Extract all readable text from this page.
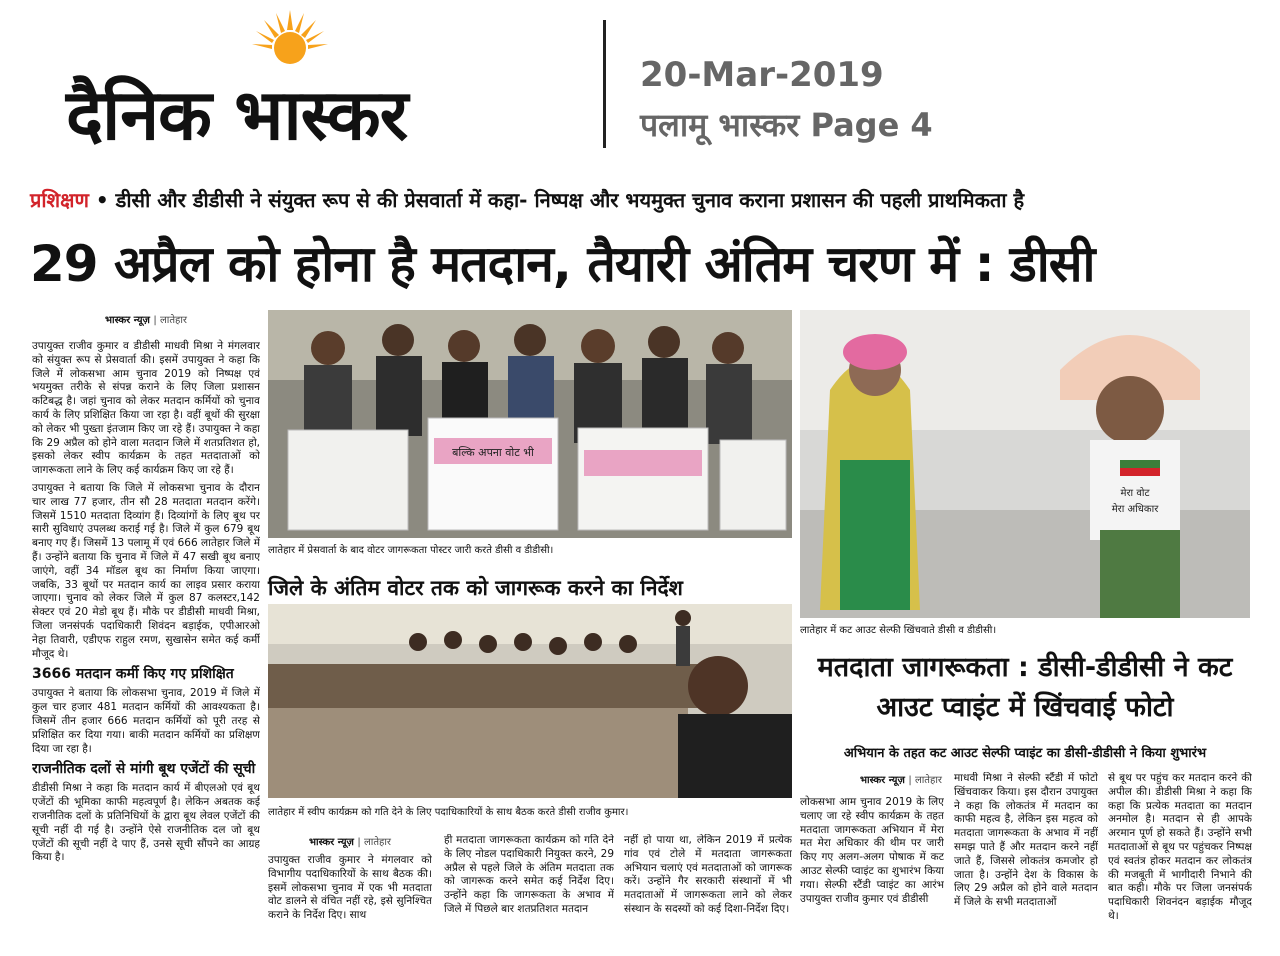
दैनिक भास्कर	20-Mar-2019
पलामू भास्कर Page 4
प्रशिक्षण • डीसी और डीडीसी ने संयुक्त रूप से की प्रेसवार्ता में कहा- निष्पक्ष और भयमुक्त चुनाव कराना प्रशासन की पहली प्राथमिकता है
29 अप्रैल को होना है मतदान, तैयारी अंतिम चरण में : डीसी
भास्कर न्यूज़ | लातेहार

उपायुक्त राजीव कुमार व डीडीसी माधवी मिश्रा ने मंगलवार को संयुक्त रूप से प्रेसवार्ता की। इसमें उपायुक्त ने कहा कि जिले में लोकसभा आम चुनाव 2019 को निष्पक्ष एवं भयमुक्त तरीके से संपन्न कराने के लिए जिला प्रशासन कटिबद्ध है। जहां चुनाव को लेकर मतदान कर्मियों को चुनाव कार्य के लिए प्रशिक्षित किया जा रहा है। वहीं बूथों की सुरक्षा को लेकर भी पुख्ता इंतजाम किए जा रहे हैं। उपायुक्त ने कहा कि 29 अप्रैल को होने वाला मतदान जिले में शतप्रतिशत हो, इसको लेकर स्वीप कार्यक्रम के तहत मतदाताओं को जागरूकता लाने के लिए कई कार्यक्रम किए जा रहे हैं।

उपायुक्त ने बताया कि जिले में लोकसभा चुनाव के दौरान चार लाख 77 हजार, तीन सौ 28 मतदाता मतदान करेंगे। जिसमें 1510 मतदाता दिव्यांग हैं। दिव्यांगों के लिए बूथ पर सारी सुविधाएं उपलब्ध कराई गई है। जिले में कुल 679 बूथ बनाए गए हैं। जिसमें 13 पलामू में एवं 666 लातेहार जिले में हैं। उन्होंने बताया कि चुनाव में जिले में 47 सखी बूथ बनाए जाएंगे, वहीं 34 मॉडल बूथ का निर्माण किया जाएगा। जबकि, 33 बूथों पर मतदान कार्य का लाइव प्रसार कराया जाएगा। चुनाव को लेकर जिले में कुल 87 कलस्टर,142 सेक्टर एवं 20 मेडो बूथ हैं। मौके पर डीडीसी माधवी मिश्रा, जिला जनसंपर्क पदाधिकारी शिवंदन बड़ाईक, एपीआरओ नेहा तिवारी, एडीएफ राहुल रमण, सुखासेन समेत कई कर्मी मौजूद थे।

3666 मतदान कर्मी किए गए प्रशिक्षित

उपायुक्त ने बताया कि लोकसभा चुनाव, 2019 में जिले में कुल चार हजार 481 मतदान कर्मियों की आवश्यकता है। जिसमें तीन हजार 666 मतदान कर्मियों को पूरी तरह से प्रशिक्षित कर दिया गया। बाकी मतदान कर्मियों का प्रशिक्षण दिया जा रहा है।

राजनीतिक दलों से मांगी बूथ एजेंटों की सूची

डीडीसी मिश्रा ने कहा कि मतदान कार्य में बीएलओ एवं बूथ एजेंटों की भूमिका काफी महत्वपूर्ण है। लेकिन अबतक कई राजनीतिक दलों के प्रतिनिधियों के द्वारा बूथ लेवल एजेंटों की सूची नहीं दी गई है। उन्होंने ऐसे राजनीतिक दल जो बूथ एजेंटों की सूची नहीं दे पाए हैं, उनसे सूची सौंपने का आग्रह किया है।

बल्कि अपना वोट भी
लातेहार में प्रेसवार्ता के बाद वोटर जागरूकता पोस्टर जारी करते डीसी व डीडीसी।
मेरा वोट
मेरा अधिकार
लातेहार में कट आउट सेल्फी खिंचवाते डीसी व डीडीसी।
जिले के अंतिम वोटर तक को जागरूक करने का निर्देश
लातेहार में स्वीप कार्यक्रम को गति देने के लिए पदाधिकारियों के साथ बैठक करते डीसी राजीव कुमार।
भास्कर न्यूज़ | लातेहार

उपायुक्त राजीव कुमार ने मंगलवार को विभागीय पदाधिकारियों के साथ बैठक की। इसमें लोकसभा चुनाव में एक भी मतदाता वोट डालने से वंचित नहीं रहे, इसे सुनिश्चित कराने के निर्देश दिए। साथ

ही मतदाता जागरूकता कार्यक्रम को गति देने के लिए नोडल पदाधिकारी नियुक्त करने, 29 अप्रैल से पहले जिले के अंतिम मतदाता तक को जागरूक करने समेत कई निर्देश दिए। उन्होंने कहा कि जागरूकता के अभाव में जिले में पिछले बार शतप्रतिशत मतदान

नहीं हो पाया था, लेकिन 2019 में प्रत्येक गांव एवं टोले में मतदाता जागरूकता अभियान चलाएं एवं मतदाताओं को जागरूक करें। उन्होंने गैर सरकारी संस्थानों में भी मतदाताओं में जागरूकता लाने को लेकर संस्थान के सदस्यों को कई दिशा-निर्देश दिए।

मतदाता जागरूकता : डीसी-डीडीसी ने कट आउट प्वाइंट में खिंचवाई फोटो
अभियान के तहत कट आउट सेल्फी प्वाइंट का डीसी-डीडीसी ने किया शुभारंभ
भास्कर न्यूज़ | लातेहार

लोकसभा आम चुनाव 2019 के लिए चलाए जा रहे स्वीप कार्यक्रम के तहत मतदाता जागरूकता अभियान में मेरा मत मेरा अधिकार की थीम पर जारी किए गए अलग-अलग पोषाक में कट आउट सेल्फी प्वाइंट का शुभारंभ किया गया। सेल्फी स्टैंडी प्वाइंट का आरंभ उपायुक्त राजीव कुमार एवं डीडीसी

माधवी मिश्रा ने सेल्फी स्टैंडी में फोटो खिंचवाकर किया। इस दौरान उपायुक्त ने कहा कि लोकतंत्र में मतदान का काफी महत्व है, लेकिन इस महत्व को मतदाता जागरूकता के अभाव में नहीं समझ पाते हैं और मतदान करने नहीं जाते हैं, जिससे लोकतंत्र कमजोर हो जाता है। उन्होंने देश के विकास के लिए 29 अप्रैल को होने वाले मतदान में जिले के सभी मतदाताओं

से बूथ पर पहुंच कर मतदान करने की अपील की। डीडीसी मिश्रा ने कहा कि कहा कि प्रत्येक मतदाता का मतदान अनमोल है। मतदान से ही आपके अरमान पूर्ण हो सकते हैं। उन्होंने सभी मतदाताओं से बूथ पर पहुंचकर निष्पक्ष एवं स्वतंत्र होकर मतदान कर लोकतंत्र की मजबूती में भागीदारी निभाने की बात कही। मौके पर जिला जनसंपर्क पदाधिकारी शिवनंदन बड़ाईक मौजूद थे।
